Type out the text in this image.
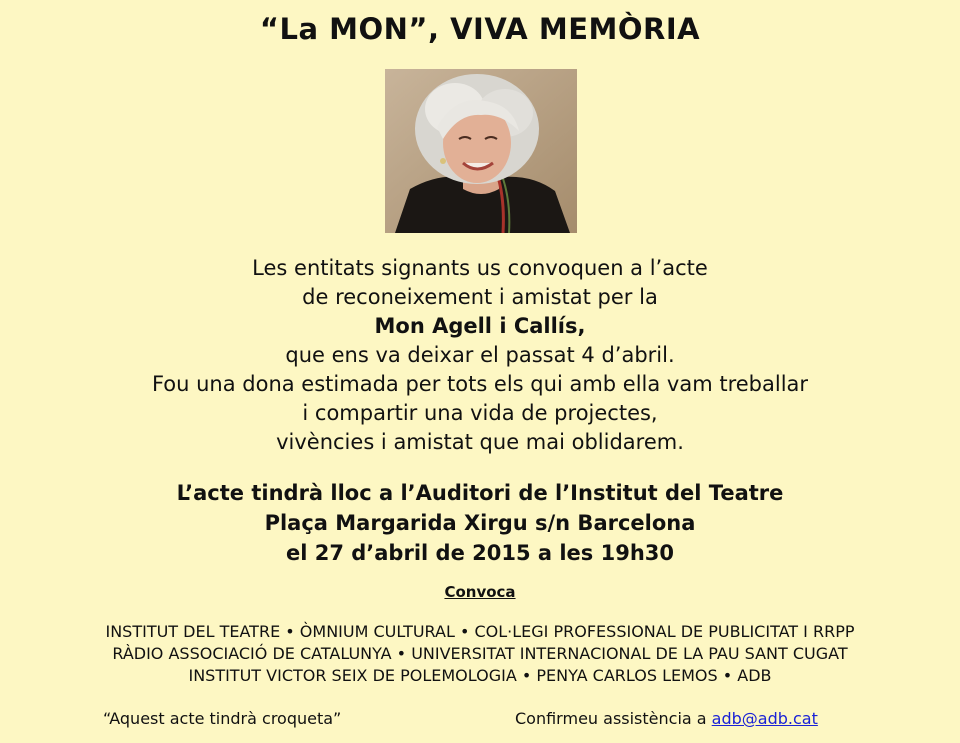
“La MON”, VIVA MEMÒRIA
Les entitats signants us convoquen a l’acte
de reconeixement i amistat per la
Mon Agell i Callís,
que ens va deixar el passat 4 d’abril.
Fou una dona estimada per tots els qui amb ella vam treballar
i compartir una vida de projectes,
vivències i amistat que mai oblidarem.
L’acte tindrà lloc a l’Auditori de l’Institut del Teatre
Plaça Margarida Xirgu s/n Barcelona
el 27 d’abril de 2015 a les 19h30
Convoca
INSTITUT DEL TEATRE • ÒMNIUM CULTURAL • COL·LEGI PROFESSIONAL DE PUBLICITAT I RRPP
RÀDIO ASSOCIACIÓ DE CATALUNYA • UNIVERSITAT INTERNACIONAL DE LA PAU SANT CUGAT
INSTITUT VICTOR SEIX DE POLEMOLOGIA • PENYA CARLOS LEMOS • ADB
“Aquest acte tindrà croqueta”	Confirmeu assistència a adb@adb.cat
